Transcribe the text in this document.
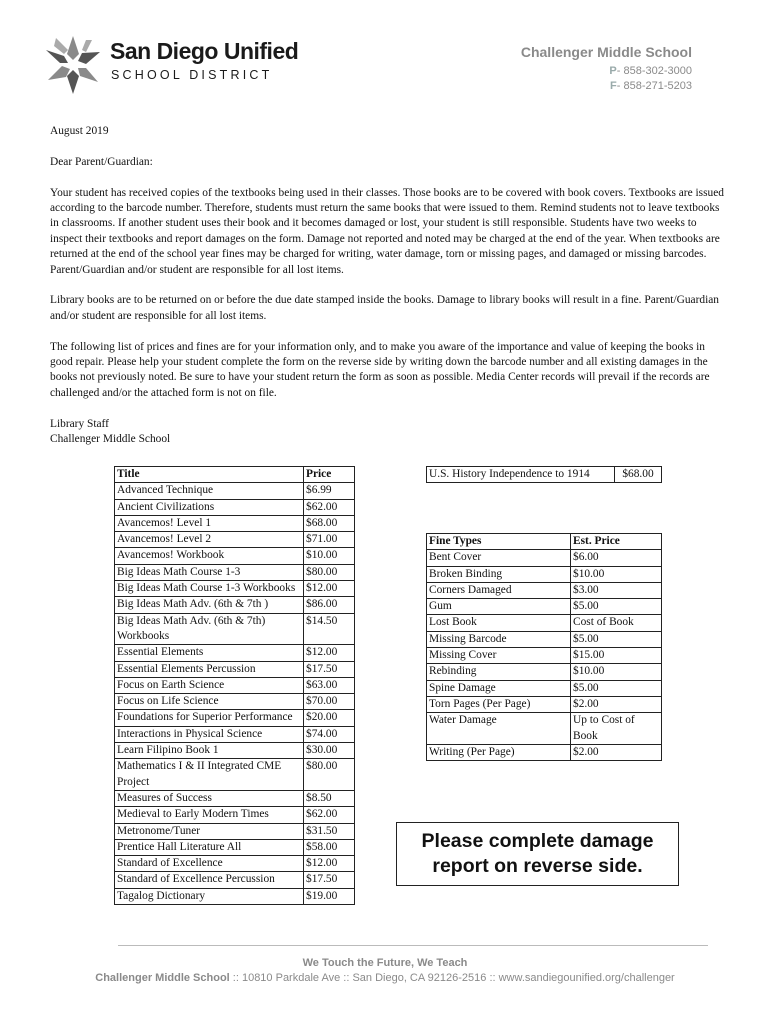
San Diego Unified
SCHOOL DISTRICT
Challenger Middle School
P- 858-302-3000
F- 858-271-5203

August 2019

Dear Parent/Guardian:

Your student has received copies of the textbooks being used in their classes. Those books are to be covered with book covers. Textbooks are issued according to the barcode number. Therefore, students must return the same books that were issued to them. Remind students not to leave textbooks in classrooms. If another student uses their book and it becomes damaged or lost, your student is still responsible. Students have two weeks to inspect their textbooks and report damages on the form. Damage not reported and noted may be charged at the end of the year. When textbooks are returned at the end of the school year fines may be charged for writing, water damage, torn or missing pages, and damaged or missing barcodes. Parent/Guardian and/or student are responsible for all lost items.

Library books are to be returned on or before the due date stamped inside the books. Damage to library books will result in a fine. Parent/Guardian and/or student are responsible for all lost items.

The following list of prices and fines are for your information only, and to make you aware of the importance and value of keeping the books in good repair. Please help your student complete the form on the reverse side by writing down the barcode number and all existing damages in the books not previously noted. Be sure to have your student return the form as soon as possible. Media Center records will prevail if the records are challenged and/or the attached form is not on file.

Library Staff
Challenger Middle School
Title	Price
Advanced Technique	$6.99
Ancient Civilizations	$62.00
Avancemos! Level 1	$68.00
Avancemos! Level 2	$71.00
Avancemos! Workbook	$10.00
Big Ideas Math Course 1-3	$80.00
Big Ideas Math Course 1-3 Workbooks	$12.00
Big Ideas Math Adv. (6th & 7th )	$86.00
Big Ideas Math Adv. (6th & 7th) Workbooks	$14.50
Essential Elements	$12.00
Essential Elements Percussion	$17.50
Focus on Earth Science	$63.00
Focus on Life Science	$70.00
Foundations for Superior Performance	$20.00
Interactions in Physical Science	$74.00
Learn Filipino Book 1	$30.00
Mathematics I & II Integrated CME Project	$80.00
Measures of Success	$8.50
Medieval to Early Modern Times	$62.00
Metronome/Tuner	$31.50
Prentice Hall Literature All	$58.00
Standard of Excellence	$12.00
Standard of Excellence Percussion	$17.50
Tagalog Dictionary	$19.00
U.S. History Independence to 1914	$68.00
Fine Types	Est. Price
Bent Cover	$6.00
Broken Binding	$10.00
Corners Damaged	$3.00
Gum	$5.00
Lost Book	Cost of Book
Missing Barcode	$5.00
Missing Cover	$15.00
Rebinding	$10.00
Spine Damage	$5.00
Torn Pages (Per Page)	$2.00
Water Damage	Up to Cost of Book
Writing (Per Page)	$2.00
Please complete damage report on reverse side.
We Touch the Future, We Teach
Challenger Middle School :: 10810 Parkdale Ave :: San Diego, CA 92126-2516 :: www.sandiegounified.org/challenger
